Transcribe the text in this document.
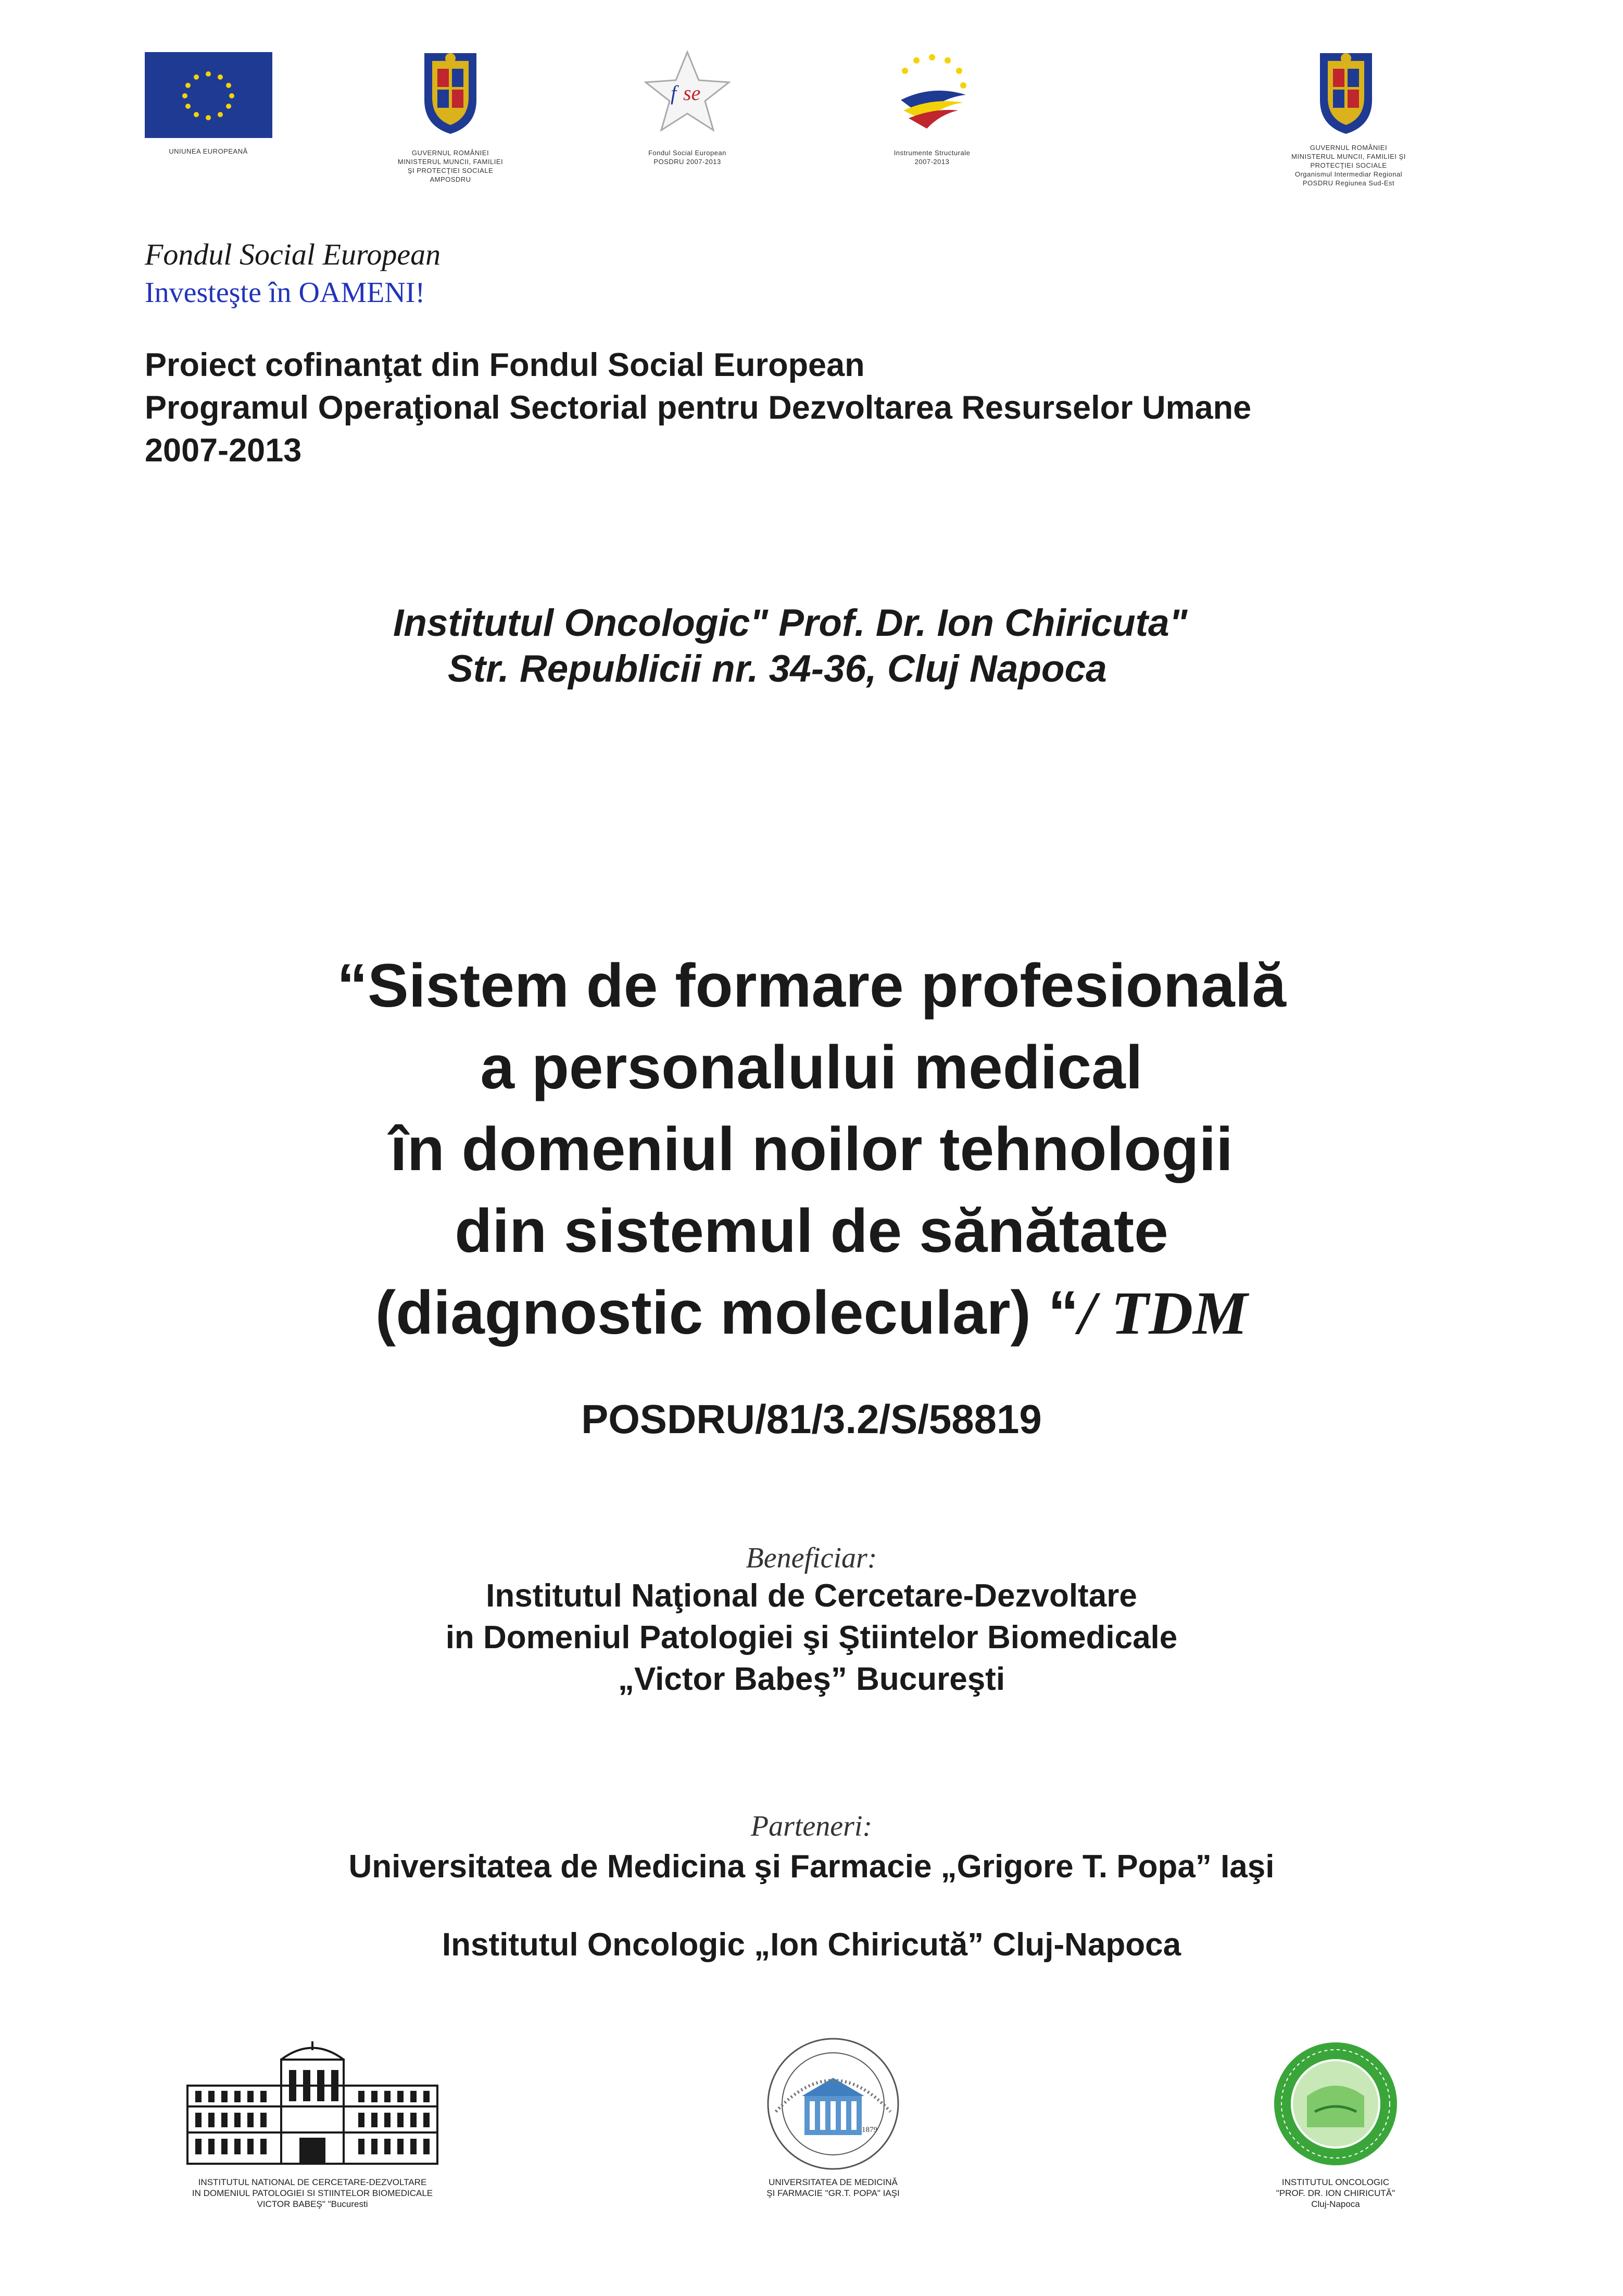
UNIUNEA EUROPEANĂ	GUVERNUL ROMÂNIEI
MINISTERUL MUNCII, FAMILIEI
ŞI PROTECŢIEI SOCIALE
AMPOSDRU
f se
Fondul Social European
POSDRU 2007-2013
Instrumente Structurale
2007-2013
GUVERNUL ROMÂNIEI
MINISTERUL MUNCII, FAMILIEI ŞI
PROTECŢIEI SOCIALE
Organismul Intermediar Regional
POSDRU Regiunea Sud-Est
Fondul Social European
Investeşte în OAMENI!
Proiect cofinanţat din Fondul Social European
Programul Operaţional Sectorial pentru Dezvoltarea Resurselor Umane
2007-2013
Institutul Oncologic" Prof. Dr. Ion Chiricuta"
Str. Republicii nr. 34-36, Cluj Napoca
“Sistem de formare profesională
a personalului medical
în domeniul noilor tehnologii
din sistemul de sănătate
(diagnostic molecular) “/ TDM
POSDRU/81/3.2/S/58819
Beneficiar:
Institutul Naţional de Cercetare-Dezvoltare
in Domeniul Patologiei şi Ştiintelor Biomedicale
„Victor Babeş” Bucureşti
Parteneri:
Universitatea de Medicina şi Farmacie „Grigore T. Popa” Iaşi
Institutul Oncologic „Ion Chiricută” Cluj-Napoca
INSTITUTUL NATIONAL DE CERCETARE-DEZVOLTARE
IN DOMENIUL PATOLOGIEI SI STIINTELOR BIOMEDICALE
VICTOR BABEŞ" "Bucuresti
1879
UNIVERSITATEA DE MEDICINĂ
ŞI FARMACIE "GR.T. POPA" IAŞI
INSTITUTUL ONCOLOGIC
"PROF. DR. ION CHIRICUTĂ"
Cluj-Napoca
